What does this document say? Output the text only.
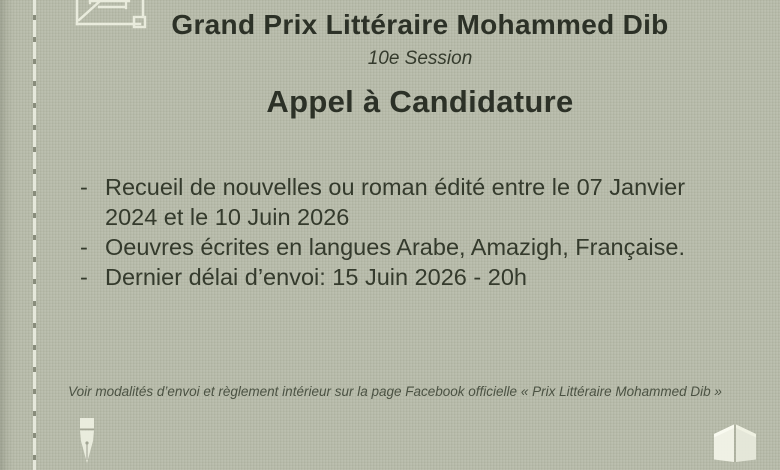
Grand Prix Littéraire Mohammed Dib
10e Session
Appel à Candidature
- Recueil de nouvelles ou roman édité entre le 07 Janvier 2024 et le 10 Juin 2026
- Oeuvres écrites en langues Arabe, Amazigh, Française.
- Dernier délai d’envoi: 15 Juin 2026 - 20h
Voir modalités d’envoi et règlement intérieur sur la page Facebook officielle « Prix Littéraire Mohammed Dib »
